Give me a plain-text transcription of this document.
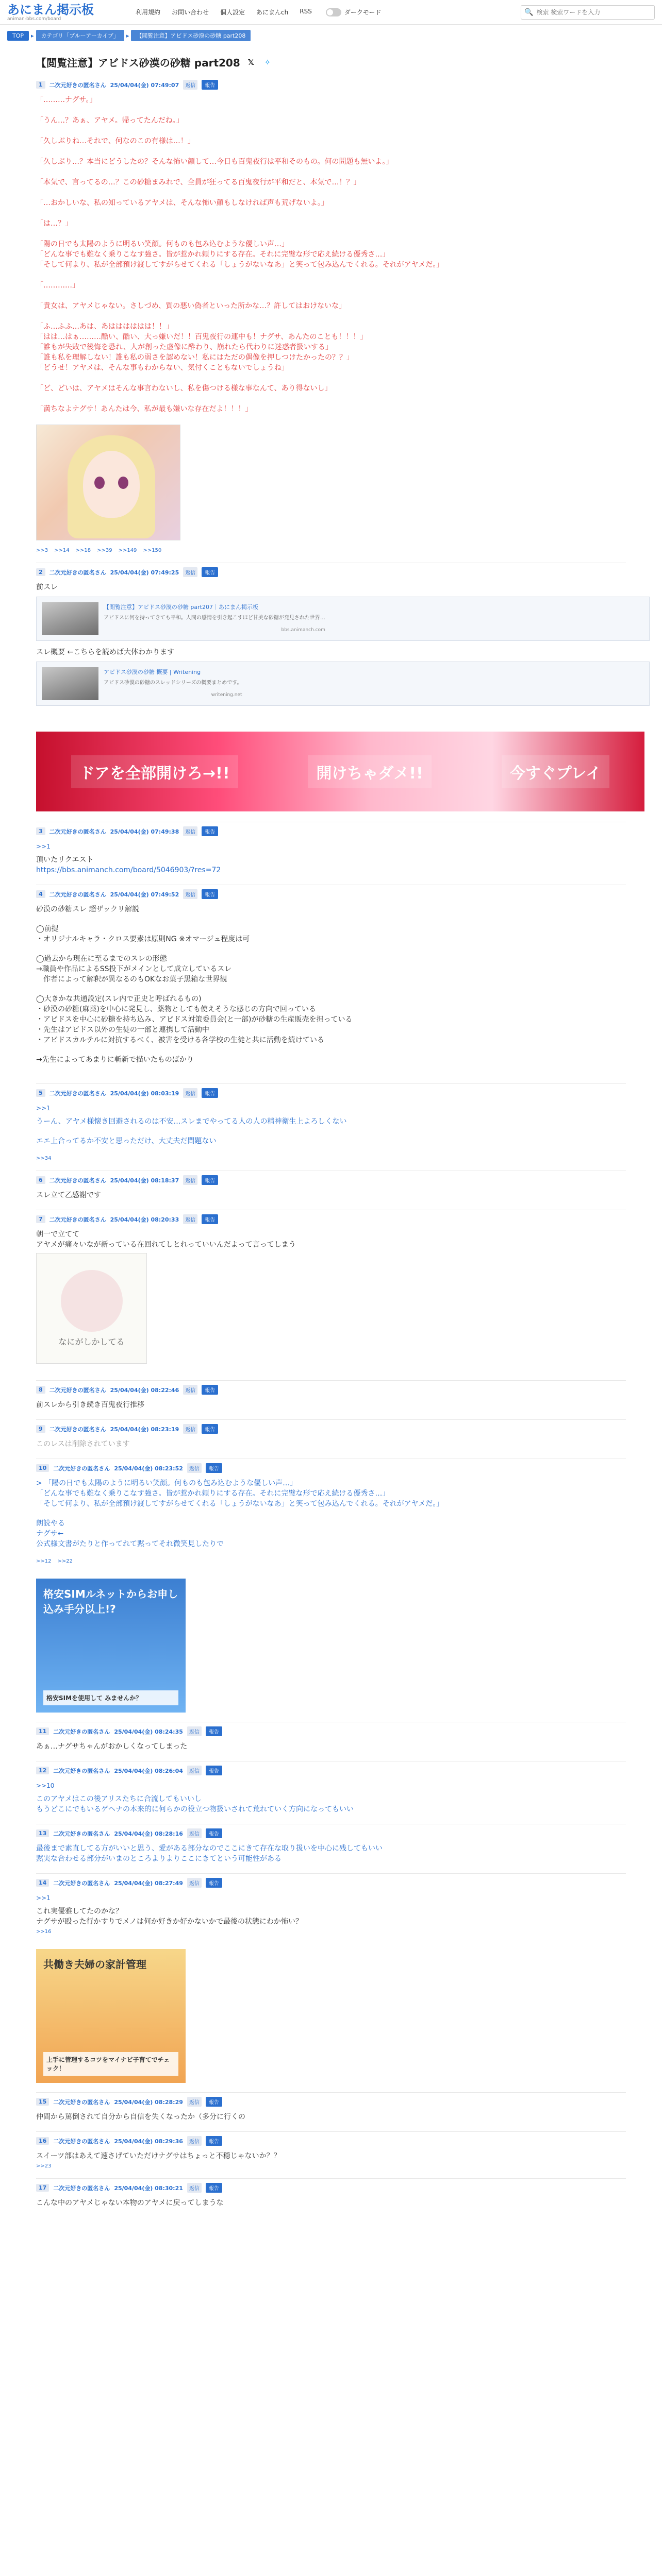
あにまん掲示板
animan-bbs.com/board
利用規約	お問い合わせ	個人設定	あにまんch	RSS	ダークモード	🔍
検索 検索ワードを入力
TOP	▸	カテゴリ「ブルーアーカイブ」	▸	【閲覧注意】アビドス砂漠の砂糖 part208
【閲覧注意】アビドス砂漠の砂糖 part208 𝕏	✧
1	二次元好きの匿名さん 25/04/04(金) 07:49:07	返信	報告

「………ナグサ。」

「うん…？あぁ、アヤメ。帰ってたんだね。」

「久しぶりね…それで、何なのこの有様は…！」

「久しぶり…？本当にどうしたの？そんな怖い顔して…今日も百鬼夜行は平和そのもの。何の問題も無いよ。」

「本気で、言ってるの…？この砂糖まみれで、全員が狂ってる百鬼夜行が平和だと、本気で…！？」

「…おかしいな、私の知っているアヤメは、そんな怖い顔もしなければ声も荒げないよ。」

「は…？」

「陽の日でも太陽のように明るい笑顔。何ものも包み込むような優しい声…」
「どんな事でも難なく乗りこなす強さ。皆が惹かれ頼りにする存在。それに完璧な形で応え続ける優秀さ…」
「そして何より、私が全部預け渡してすがらせてくれる「しょうがないなあ」と笑って包み込んでくれる。それがアヤメだ。」

「…………」

「貴女は、アヤメじゃない。さしづめ、質の悪い偽者といった所かな…？許してはおけないな」

「ふ…ふふ…あは、あはははははは！！」
「はは…はぁ………酷い、酷い、大っ嫌いだ！！百鬼夜行の連中も！ナグサ、あんたのことも！！！」
「誰もが失敗で後悔を恐れ、人が創った虚像に酔わり、崩れたら代わりに迷惑者扱いする」
「誰も私を理解しない！誰も私の弱さを認めない！私にはただの偶像を押しつけたかったの？？」
「どうせ！アヤメは、そんな事もわからない、気付くこともないでしょうね」

「ど、どいは、アヤメはそんな事言わないし、私を傷つける様な事なんて、あり得ないし」

「満ちなよナグサ！あんたは今、私が最も嫌いな存在だよ！！！」

>>3 >>14 >>18 >>39 >>149 >>150
2	二次元好きの匿名さん 25/04/04(金) 07:49:25	返信	報告
前スレ
【閲覧注意】アビドス砂漠の砂糖 part207｜あにまん掲示板
アビドスに何を持ってきても平和。人間の感情を引き起こすほど甘美な砂糖が発見された世界…
bbs.animanch.com
スレ概要 ←こちらを読めば大体わかります
アビドス砂漠の砂糖 概要 | Writening
アビドス砂漠の砂糖のスレッドシリーズの概要まとめです。
writening.net
ドアを全部開けろ→!!	開けちゃダメ!!	今すぐプレイ
3	二次元好きの匿名さん 25/04/04(金) 07:49:38	返信	報告
>>1
頂いたリクエスト
https://bbs.animanch.com/board/5046903/?res=72
4	二次元好きの匿名さん 25/04/04(金) 07:49:52	返信	報告
砂漠の砂糖スレ 超ザックリ解説
◯前提
・オリジナルキャラ・クロス要素は原則NG ※オマージュ程度は可
◯過去から現在に至るまでのスレの形態
→職員や作品によるSS投下がメインとして成立しているスレ
　作者によって解釈が異なるのもOKなお菓子黒箱な世界観
◯大きかな共通設定(スレ内で正史と呼ばれるもの)
・砂漠の砂糖(麻薬)を中心に発見し、薬物としても使えそうな感じの方向で回っている
・アビドスを中心に砂糖を持ち込み、アビドス対策委員会(と一部)が砂糖の生産販売を担っている
・先生はアビドス以外の生徒の一部と連携して活動中
・アビドスカルテルに対抗するべく、被害を受ける各学校の生徒と共に活動を続けている
→先生によってあまりに斬新で描いたものばかり
5	二次元好きの匿名さん 25/04/04(金) 08:03:19	返信	報告
>>1
うーん、アヤメ様懐き回避されるのは不安…スレまでやってる人の人の精神衛生上よろしくない
エエ上合ってるか不安と思っただけ、大丈夫だ問題ない
>>34
6	二次元好きの匿名さん 25/04/04(金) 08:18:37	返信	報告
スレ立て乙感謝です
7	二次元好きの匿名さん 25/04/04(金) 08:20:33	返信	報告
朝一で立てて
アヤメが痛々いなが新っている在回れてしとれっていいんだよって言ってしまう
なにがしかしてる
8	二次元好きの匿名さん 25/04/04(金) 08:22:46	返信	報告
前スレから引き続き百鬼夜行推移
9	二次元好きの匿名さん 25/04/04(金) 08:23:19	返信	報告
このレスは削除されています
10	二次元好きの匿名さん 25/04/04(金) 08:23:52	返信	報告
> 「陽の日でも太陽のように明るい笑顔。何ものも包み込むような優しい声…」
「どんな事でも難なく乗りこなす強さ。皆が惹かれ頼りにする存在。それに完璧な形で応え続ける優秀さ…」
「そして何より、私が全部預け渡してすがらせてくれる「しょうがないなあ」と笑って包み込んでくれる。それがアヤメだ。」
朗読やる
ナグサ←
公式様文書がたりと作ってれて黙ってそれ微笑見したりで
>>12 >>22
格安SIMルネットからお申し込み手分以上!?
格安SIMを使用して みませんか？
11	二次元好きの匿名さん 25/04/04(金) 08:24:35	返信	報告
あぁ…ナグサちゃんがおかしくなってしまった
12	二次元好きの匿名さん 25/04/04(金) 08:26:04	返信	報告
>>10
このアヤメはこの後アリスたちに合流してもいいし
もうどこにでもいるゲヘナの本来的に何らかの役立つ物扱いされて荒れていく方向になってもいい
13	二次元好きの匿名さん 25/04/04(金) 08:28:16	返信	報告
最後まで素直してる方がいいと思う、愛がある部分なのでここにきて存在な取り扱いを中心に残してもいい
黙実な合わせる部分がいまのところよりよりここにきてという可能性がある
14	二次元好きの匿名さん 25/04/04(金) 08:27:49	返信	報告
>>1
これ実優雅してたのかな？
ナグサが殴った行かすりでメノは何か好きか好かないかで最後の状態にわか怖い？
>>16
共働き夫婦の家計管理
上手に管理するコツをマイナビ子育てでチェック！
15	二次元好きの匿名さん 25/04/04(金) 08:28:29	返信	報告
仲間から罵倒されて自分から自信を失くなったか（多分に行くの
16	二次元好きの匿名さん 25/04/04(金) 08:29:36	返信	報告
スイーツ部はあえて速さげていただけナグサはちょっと不穏じゃないか？？
>>23
17	二次元好きの匿名さん 25/04/04(金) 08:30:21	返信	報告
こんな中のアヤメじゃない本物のアヤメに戻ってしまうな
